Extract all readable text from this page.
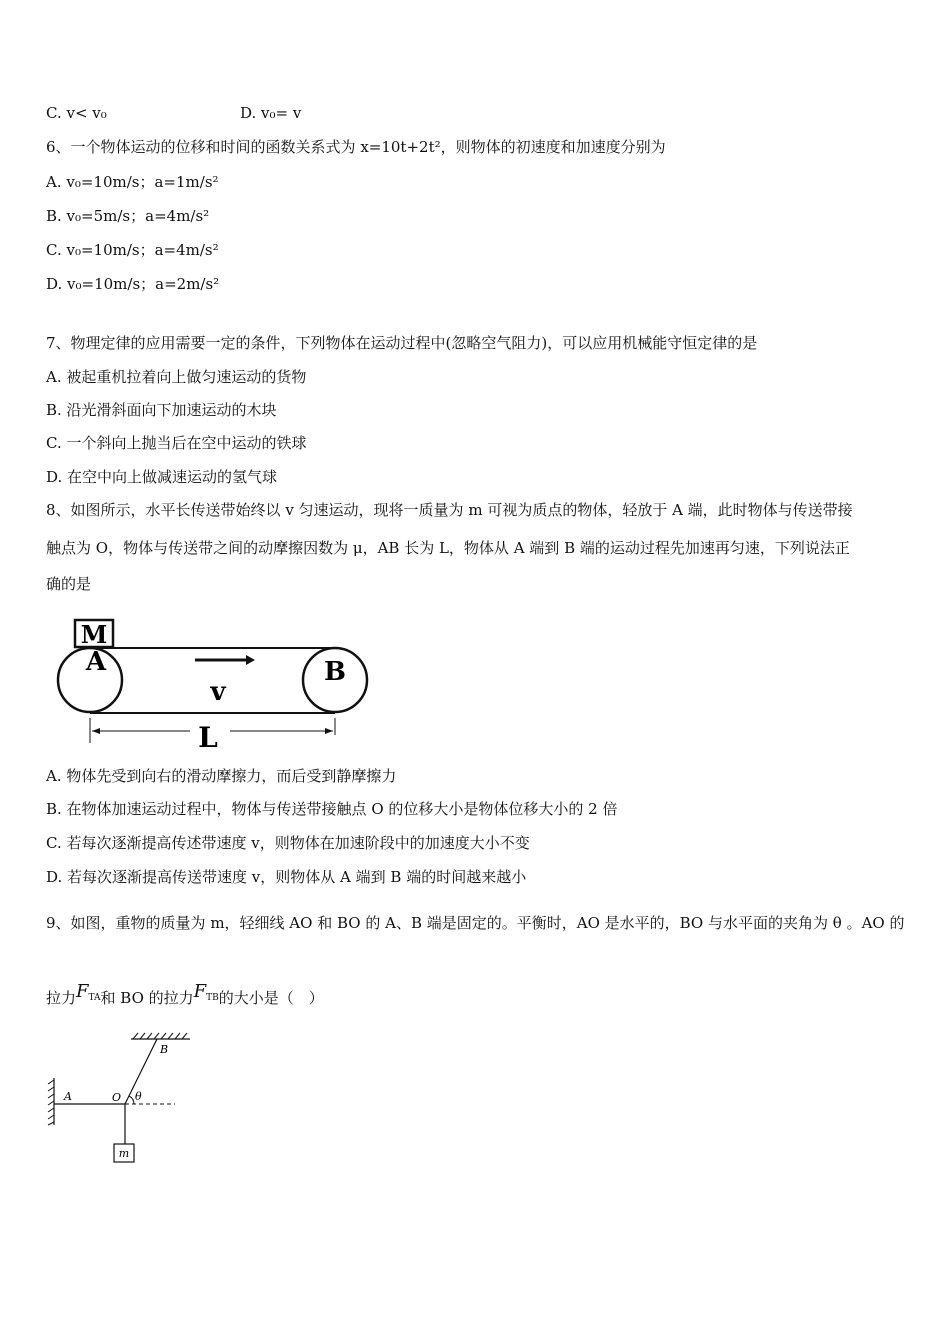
C. v< v₀	D. v₀= v
6、一个物体运动的位移和时间的函数关系式为 x=10t+2t²，则物体的初速度和加速度分别为
A. v₀=10m/s；a=1m/s²
B. v₀=5m/s；a=4m/s²
C. v₀=10m/s；a=4m/s²
D. v₀=10m/s；a=2m/s²
7、物理定律的应用需要一定的条件，下列物体在运动过程中(忽略空气阻力)，可以应用机械能守恒定律的是
A. 被起重机拉着向上做匀速运动的货物
B. 沿光滑斜面向下加速运动的木块
C. 一个斜向上抛当后在空中运动的铁球
D. 在空中向上做减速运动的氢气球
8、如图所示，水平长传送带始终以 v 匀速运动，现将一质量为 m 可视为质点的物体，轻放于 A 端，此时物体与传送带接
触点为 O，物体与传送带之间的动摩擦因数为 μ，AB 长为 L，物体从 A 端到 B 端的运动过程先加速再匀速，下列说法正
确的是
M
A	B
v
L
A. 物体先受到向右的滑动摩擦力，而后受到静摩擦力
B. 在物体加速运动过程中，物体与传送带接触点 O 的位移大小是物体位移大小的 2 倍
C. 若每次逐渐提高传述带速度 v，则物体在加速阶段中的加速度大小不变
D. 若每次逐渐提高传送带速度 v，则物体从 A 端到 B 端的时间越来越小
9、如图，重物的质量为 m，轻细线 AO 和 BO 的 A、B 端是固定的。平衡时，AO 是水平的，BO 与水平面的夹角为 θ 。AO 的
拉力$F^{TA}$和 BO 的拉力$F^{TB}$的大小是（　）
m
A
B
O θ
